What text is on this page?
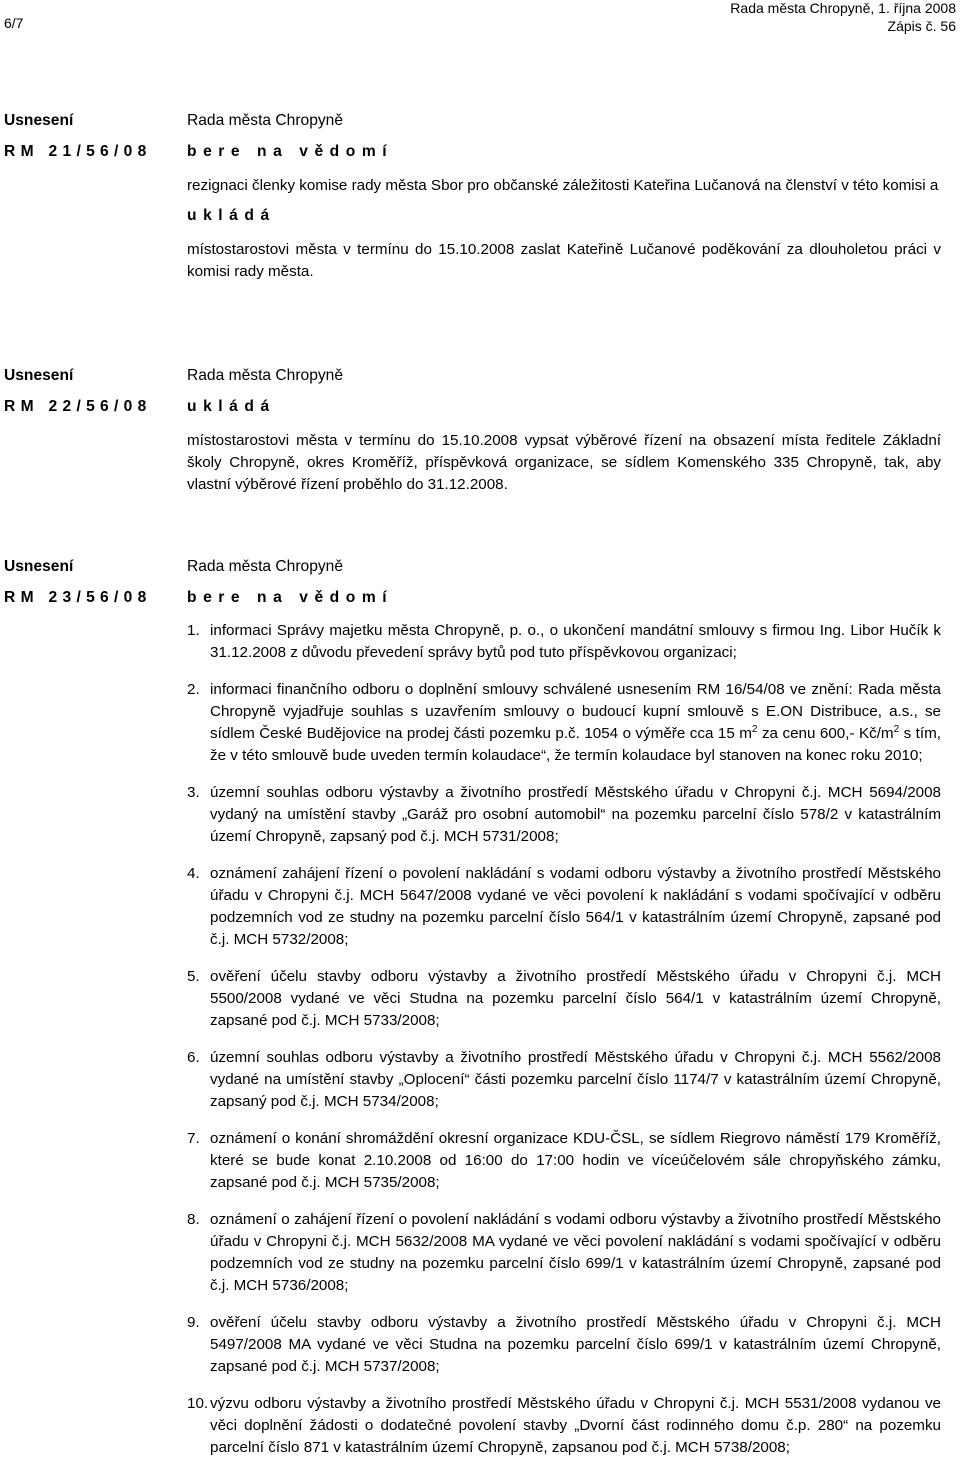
6/7
Rada města Chropyně, 1. října 2008
Zápis č. 56
Usnesení
RM 21/56/08
Rada města Chropyně
bere na vědomí

rezignaci členky komise rady města Sbor pro občanské záležitosti Kateřina Lučanová na členství v této komisi a

ukládá

místostarostovi města v termínu do 15.10.2008 zaslat Kateřině Lučanové poděkování za dlouholetou práci v komisi rady města.

Usnesení
RM 22/56/08
Rada města Chropyně
ukládá

místostarostovi města v termínu do 15.10.2008 vypsat výběrové řízení na obsazení místa ředitele Základní školy Chropyně, okres Kroměříž, příspěvková organizace, se sídlem Komenského 335 Chropyně, tak, aby vlastní výběrové řízení proběhlo do 31.12.2008.

Usnesení
RM 23/56/08
Rada města Chropyně
bere na vědomí
1. informaci Správy majetku města Chropyně, p. o., o ukončení mandátní smlouvy s firmou Ing. Libor Hučík k 31.12.2008 z důvodu převedení správy bytů pod tuto příspěvkovou organizaci;
2. informaci finančního odboru o doplnění smlouvy schválené usnesením RM 16/54/08 ve znění: Rada města Chropyně vyjadřuje souhlas s uzavřením smlouvy o budoucí kupní smlouvě s E.ON Distribuce, a.s., se sídlem České Budějovice na prodej části pozemku p.č. 1054 o výměře cca 15 $m^2$ za cenu 600,- $Kč/m^2$ s tím, že v této smlouvě bude uveden termín kolaudace“, že termín kolaudace byl stanoven na konec roku 2010;
3. územní souhlas odboru výstavby a životního prostředí Městského úřadu v Chropyni č.j. MCH 5694/2008 vydaný na umístění stavby „Garáž pro osobní automobil“ na pozemku parcelní číslo 578/2 v katastrálním území Chropyně, zapsaný pod č.j. MCH 5731/2008;
4. oznámení zahájení řízení o povolení nakládání s vodami odboru výstavby a životního prostředí Městského úřadu v Chropyni č.j. MCH 5647/2008 vydané ve věci povolení k nakládání s vodami spočívající v odběru podzemních vod ze studny na pozemku parcelní číslo 564/1 v katastrálním území Chropyně, zapsané pod č.j. MCH 5732/2008;
5. ověření účelu stavby odboru výstavby a životního prostředí Městského úřadu v Chropyni č.j. MCH 5500/2008 vydané ve věci Studna na pozemku parcelní číslo 564/1 v katastrálním území Chropyně, zapsané pod č.j. MCH 5733/2008;
6. územní souhlas odboru výstavby a životního prostředí Městského úřadu v Chropyni č.j. MCH 5562/2008 vydané na umístění stavby „Oplocení“ části pozemku parcelní číslo 1174/7 v katastrálním území Chropyně, zapsaný pod č.j. MCH 5734/2008;
7. oznámení o konání shromáždění okresní organizace KDU-ČSL, se sídlem Riegrovo náměstí 179 Kroměříž, které se bude konat 2.10.2008 od 16:00 do 17:00 hodin ve víceúčelovém sále chropyňského zámku, zapsané pod č.j. MCH 5735/2008;
8. oznámení o zahájení řízení o povolení nakládání s vodami odboru výstavby a životního prostředí Městského úřadu v Chropyni č.j. MCH 5632/2008 MA vydané ve věci povolení nakládání s vodami spočívající v odběru podzemních vod ze studny na pozemku parcelní číslo 699/1 v katastrálním území Chropyně, zapsané pod č.j. MCH 5736/2008;
9. ověření účelu stavby odboru výstavby a životního prostředí Městského úřadu v Chropyni č.j. MCH 5497/2008 MA vydané ve věci Studna na pozemku parcelní číslo 699/1 v katastrálním území Chropyně, zapsané pod č.j. MCH 5737/2008;
10. výzvu odboru výstavby a životního prostředí Městského úřadu v Chropyni č.j. MCH 5531/2008 vydanou ve věci doplnění žádosti o dodatečné povolení stavby „Dvorní část rodinného domu č.p. 280“ na pozemku parcelní číslo 871 v katastrálním území Chropyně, zapsanou pod č.j. MCH 5738/2008;
